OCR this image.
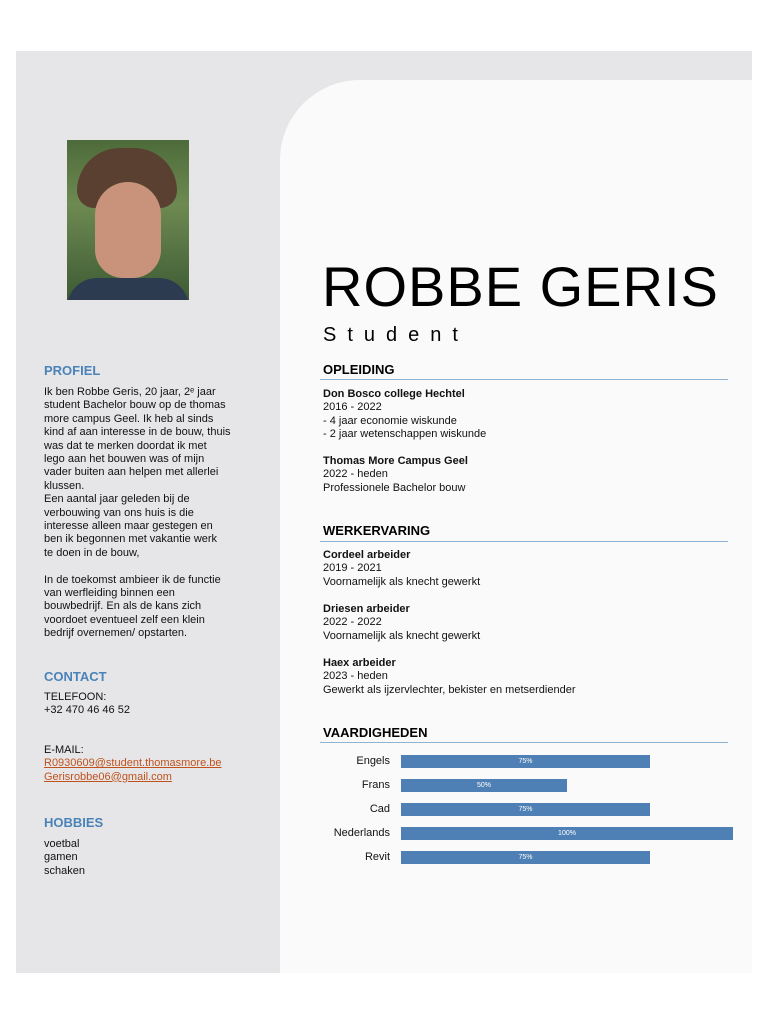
PROFIEL
Ik ben Robbe Geris, 20 jaar, 2ᵉ jaar
student Bachelor bouw op de thomas
more campus Geel. Ik heb al sinds
kind af aan interesse in de bouw, thuis
was dat te merken doordat ik met
lego aan het bouwen was of mijn
vader buiten aan helpen met allerlei
klussen.
Een aantal jaar geleden bij de
verbouwing van ons huis is die
interesse alleen maar gestegen en
ben ik begonnen met vakantie werk
te doen in de bouw,
In de toekomst ambieer ik de functie
van werfleiding binnen een
bouwbedrijf. En als de kans zich
voordoet eventueel zelf een klein
bedrijf overnemen/ opstarten.
CONTACT
TELEFOON:
+32 470 46 46 52
E-MAIL:
R0930609@student.thomasmore.be
Gerisrobbe06@gmail.com
HOBBIES
voetbal
gamen
schaken
ROBBE GERIS
Student
OPLEIDING
Don Bosco college Hechtel
2016 - 2022
- 4 jaar economie wiskunde
- 2 jaar wetenschappen wiskunde
Thomas More Campus Geel
2022 - heden
Professionele Bachelor bouw
WERKERVARING
Cordeel arbeider
2019 - 2021
Voornamelijk als knecht gewerkt
Driesen arbeider
2022 - 2022
Voornamelijk als knecht gewerkt
Haex arbeider
2023 - heden
Gewerkt als ijzervlechter, bekister en metserdiender
VAARDIGHEDEN
Engels	75%
Frans	50%
Cad	75%
Nederlands	100%
Revit	75%
